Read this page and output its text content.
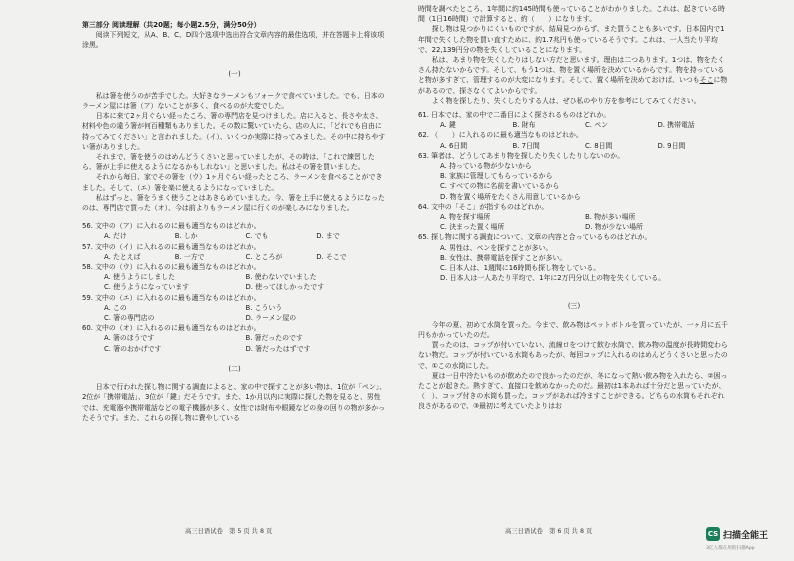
第三部分 阅读理解（共20题；每小题2.5分，满分50分）

阅读下列短文，从A、B、C、D四个选项中选出符合文章内容的最佳选项，并在答题卡上将该项涂黑。

(一)

私は箸を使うのが苦手でした。大好きなラーメンもフォークで食べていました。でも、日本のラーメン屋には箸（ア）ないことが多く、食べるのが大変でした。

日本に来て2ヶ月ぐらい経ったころ、箸の専門店を見つけました。店に入ると、長さや太さ、材料や色の違う箸が何百種類もありました。その数に驚いていたら、店の人に、「どれでも自由に持ってみてください」と言われました。（イ）、いくつか実際に持ってみました。その中に持ちやすい箸がありました。

それまで、箸を使うのはめんどうくさいと思っていましたが、その時は、「これで練習したら、箸が上手に使えるようになるかもしれない」と思いました。私はその箸を買いました。

それから毎日、家でその箸を（ウ）1ヶ月ぐらい経ったところ、ラーメンを食べることができました。そして、（エ）箸を楽に使えるようになっていました。

私はずっと、箸をうまく使うことはあきらめていました。今、箸を上手に使えるようになったのは、専門店で買った（オ）、今は前よりもラーメン屋に行くのが楽しみになりました。

56. 文中の（ア）に入れるのに最も適当なものはどれか。

A. だけ	B. しか	C. でも	D. まで

57. 文中の（イ）に入れるのに最も適当なものはどれか。

A. たとえば	B. 一方で	C. ところが	D. そこで

58. 文中の（ウ）に入れるのに最も適当なものはどれか。

A. 使うようにしました	B. 使わないでいました
C. 使うようになっています	D. 使ってほしかったです

59. 文中の（エ）に入れるのに最も適当なものはどれか。

A. この	B. こういう
C. 箸の専門店の	D. ラーメン屋の

60. 文中の（オ）に入れるのに最も適当なものはどれか。

A. 箸のほうです	B. 箸だったのです
C. 箸のおかげです	D. 箸だったはずです

(二)

日本で行われた探し物に関する調査によると、家の中で探すことが多い物は、1位が「ペン」、2位が「携帯電話」、3位が「鍵」だそうです。また、1か月以内に実際に探した物を見ると、男性では、充電器や携帯電話などの電子機器が多く、女性では財布や眼鏡などの身の回りの物が多かったそうです。また、これらの探し物に費やしている

高三日语试卷　第 5 页 共 8 页

時間を調べたところ、1年間に約145時間も使っていることがわかりました。これは、起きている時間（1日16時間）で計算すると、約（　　）になります。

探し物は見つかりにくいものですが、結局見つからず、また買うことも多いです。日本国内で1年間で失くした物を買い直すために、約1.7兆円も使っているそうです。これは、一人当たり平均で、22,139円分の物を失くしていることになります。

私は、あまり物を失くしたりはしない方だと思います。理由は二つあります。1つは、物をたくさん持たないからです。そして、もう1つは、物を置く場所を決めているからです。物を持っていると物が多すぎて、管理するのが大変になります。そして、置く場所を決めておけば、いつもそこに物があるので、探さなくてよいからです。

よく物を探したり、失くしたりする人は、ぜひ私のやり方を参考にしてみてください。

61. 日本では、家の中で二番目によく探されるものはどれか。

A. 鍵	B. 財布	C. ペン	D. 携帯電話

62. （　　）に入れるのに最も適当なものはどれか。

A. 6日間	B. 7日間	C. 8日間	D. 9日間

63. 筆者は、どうしてあまり物を探したり失くしたりしないのか。

A. 持っている物が少ないから
B. 家族に管理してもらっているから
C. すべての物に名前を書いているから
D. 物を置く場所をたくさん用意しているから

64. 文中の「そこ」が指すものはどれか。

A. 物を探す場所	B. 物が多い場所
C. 決まった置く場所	D. 物が少ない場所

65. 探し物に関する調査について、文章の内容と合っているものはどれか。

A. 男性は、ペンを探すことが多い。
B. 女性は、携帯電話を探すことが多い。
C. 日本人は、1週間に16時間も探し物をしている。
D. 日本人は一人あたり平均で、1年に2万円分以上の物を失くしている。

(三)

今年の夏、初めて水筒を買った。今まで、飲み物はペットボトルを買っていたが、一ヶ月に五千円もかかっていたのだ。

買ったのは、コップが付いていない、流線ロをつけて飲む水筒で、飲み物の温度が長時間変わらない物だ。コップが付いている水筒もあったが、毎回コップに入れるのはめんどうくさいと思ったので、①この水筒にした。

夏は一日中冷たいものが飲めたので良かったのだが、冬になって熱い飲み物を入れたら、②困ったことが起きた。熱すぎて、直接口を飲めなかったのだ。最初は1本あれば十分だと思っていたが、（　）、コップ付きの水筒も買った。コップがあれば冷ますことができる。どちらの水筒もそれぞれ良さがあるので、③最初に考えていたよりはお

高三日语试卷　第 6 页 共 8 页	CS 扫描全能王
3亿人都在用的扫描App
